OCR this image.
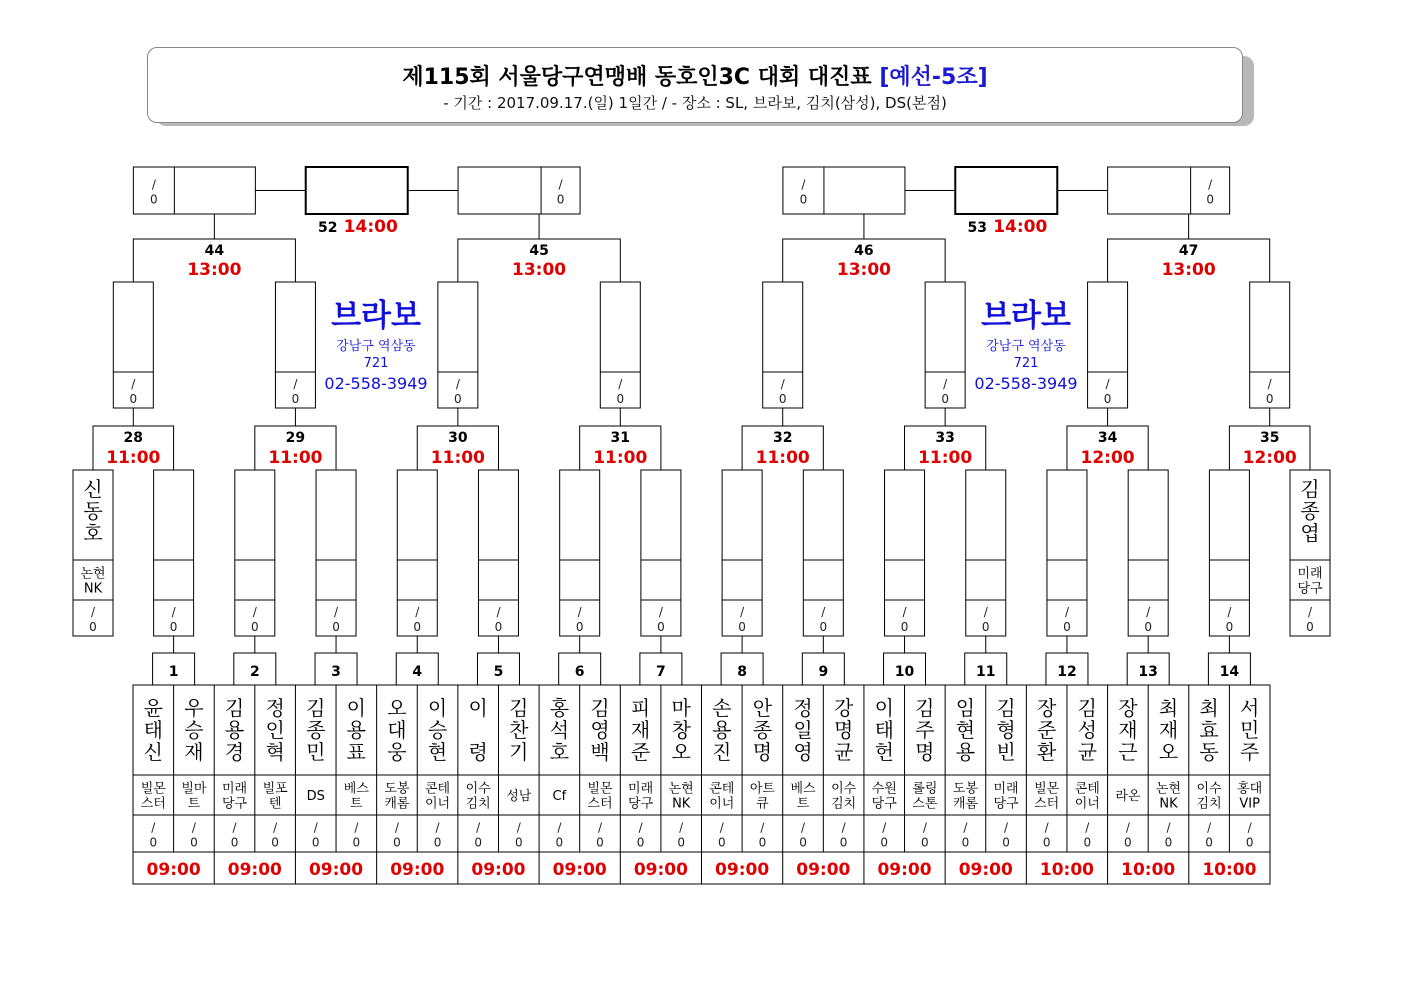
제115회 서울당구연맹배 동호인3C 대회 대진표 [예선-5조]
- 기간 : 2017.09.17.(일) 1일간 / - 장소 : SL, 브라보, 김치(삼성), DS(본점)
윤 태 신
빌몬 스터
/
0
우 승 재
빌마 트
/
0
09:00
1
김 용 경
미래 당구
/
0
정 인 혁
빌포 텐
/
0
09:00
2
김 종 민
DS
/
0
이 용 표
베스 트
/
0
09:00
3
오 대 웅
도봉 캐롬
/
0
이 승 현
콘테 이너
/
0
09:00
4
이　 령
이수 김치
/
0
김 찬 기
성남
/
0
09:00
5
홍 석 호
Cf
/
0
김 영 백
빌몬 스터
/
0
09:00
6
피 재 준
미래 당구
/
0
마 창 오
논현 NK
/
0
09:00
7
손 용 진
콘테 이너
/
0
안 종 명
아트 큐
/
0
09:00
8
정 일 영
베스 트
/
0
강 명 균
이수 김치
/
0
09:00
9
이 태 헌
수원 당구
/
0
김 주 명
롤링 스톤
/
0
09:00
10
임 현 용
도봉 캐롬
/
0
김 형 빈
미래 당구
/
0
09:00
11
장 준 환
빌몬 스터
/
0
김 성 균
콘테 이너
/
0
10:00
12
장 재 근
라온
/
0
최 재 오
논현 NK
/
0
10:00
13
최 효 동
이수 김치
/
0
서 민 주
홍대 VIP
/
0
10:00
14
신 동 호
논현 NK
/
0
김 종 엽
미래 당구
/
0
/
0
/
0
/
0
/
0
/
0
/
0
/
0
/
0
/
0
/
0
/
0
/
0
/
0
/
0
28
11:00
29
11:00
30
11:00
31
11:00
32
11:00
33
11:00
34
12:00
35
12:00
/
0
/
0
/
0
/
0
/
0
/
0
/
0
/
0
44
13:00
45
13:00
46
13:00
47
13:00
/
0
/
0
52 14:00
/
0
/
0
53 14:00
브라보
강남구 역삼동
721
02-558-3949
브라보
강남구 역삼동
721
02-558-3949
